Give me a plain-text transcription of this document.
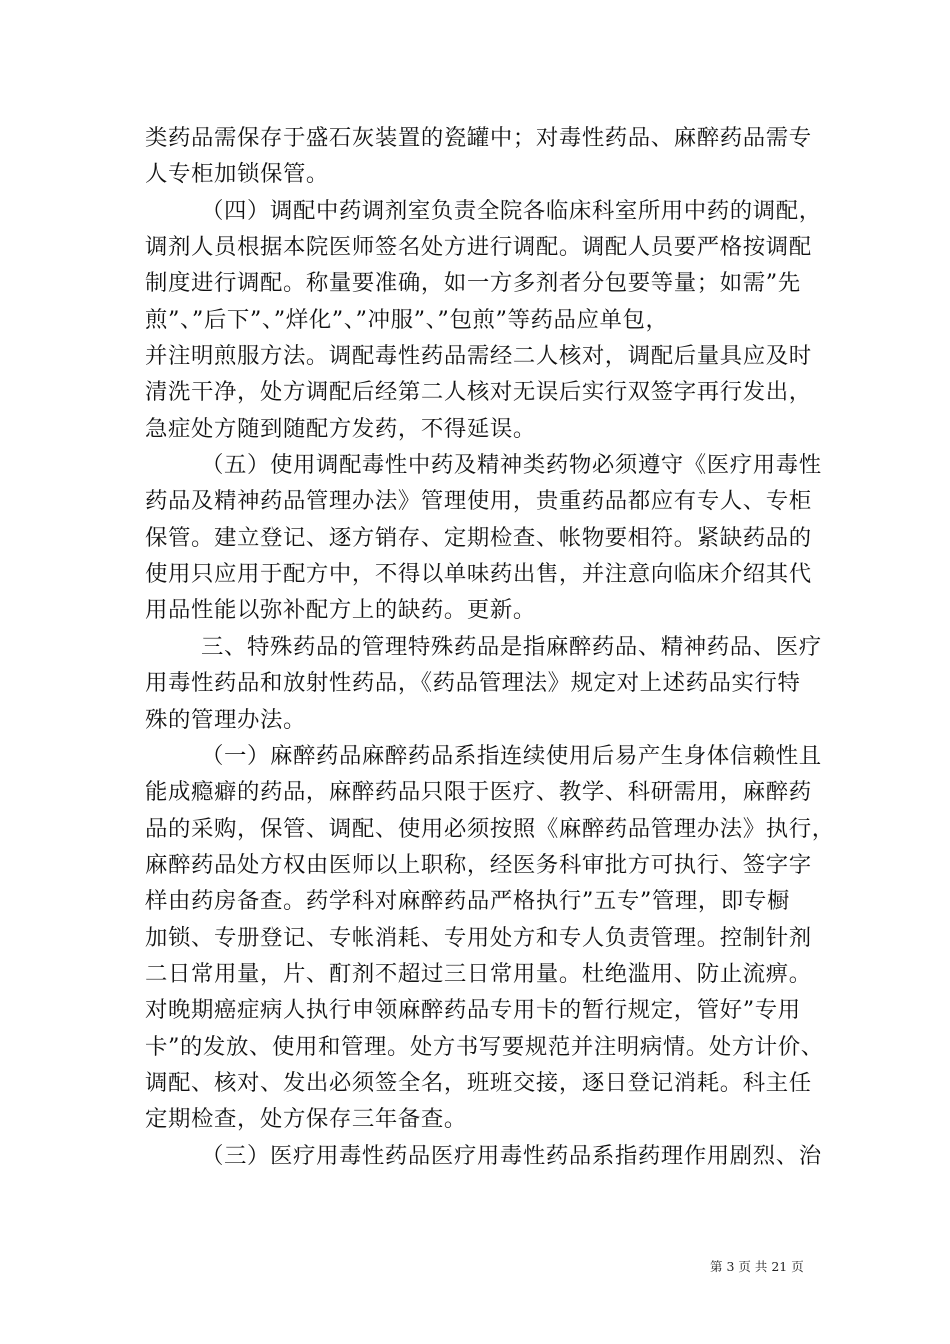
类药品需保存于盛石灰装置的瓷罐中；对毒性药品、麻醉药品需专
人专柜加锁保管。
（四）调配中药调剂室负责全院各临床科室所用中药的调配，
调剂人员根据本院医师签名处方进行调配。调配人员要严格按调配
制度进行调配。称量要准确，如一方多剂者分包要等量；如需”先
煎”、”后下”、”烊化”、”冲服”、”包煎”等药品应单包，
并注明煎服方法。调配毒性药品需经二人核对，调配后量具应及时
清洗干净，处方调配后经第二人核对无误后实行双签字再行发出，
急症处方随到随配方发药，不得延误。
（五）使用调配毒性中药及精神类药物必须遵守《医疗用毒性
药品及精神药品管理办法》管理使用，贵重药品都应有专人、专柜
保管。建立登记、逐方销存、定期检查、帐物要相符。紧缺药品的
使用只应用于配方中，不得以单味药出售，并注意向临床介绍其代
用品性能以弥补配方上的缺药。更新。
三、特殊药品的管理特殊药品是指麻醉药品、精神药品、医疗
用毒性药品和放射性药品，《药品管理法》规定对上述药品实行特
殊的管理办法。
（一）麻醉药品麻醉药品系指连续使用后易产生身体信赖性且
能成瘾癖的药品，麻醉药品只限于医疗、教学、科研需用，麻醉药
品的采购，保管、调配、使用必须按照《麻醉药品管理办法》执行，
麻醉药品处方权由医师以上职称，经医务科审批方可执行、签字字
样由药房备查。药学科对麻醉药品严格执行”五专”管理，即专橱
加锁、专册登记、专帐消耗、专用处方和专人负责管理。控制针剂
二日常用量，片、酊剂不超过三日常用量。杜绝滥用、防止流痹。
对晚期癌症病人执行申领麻醉药品专用卡的暂行规定，管好”专用
卡”的发放、使用和管理。处方书写要规范并注明病情。处方计价、
调配、核对、发出必须签全名，班班交接，逐日登记消耗。科主任
定期检查，处方保存三年备查。
（三）医疗用毒性药品医疗用毒性药品系指药理作用剧烈、治
第 3 页 共 21 页
